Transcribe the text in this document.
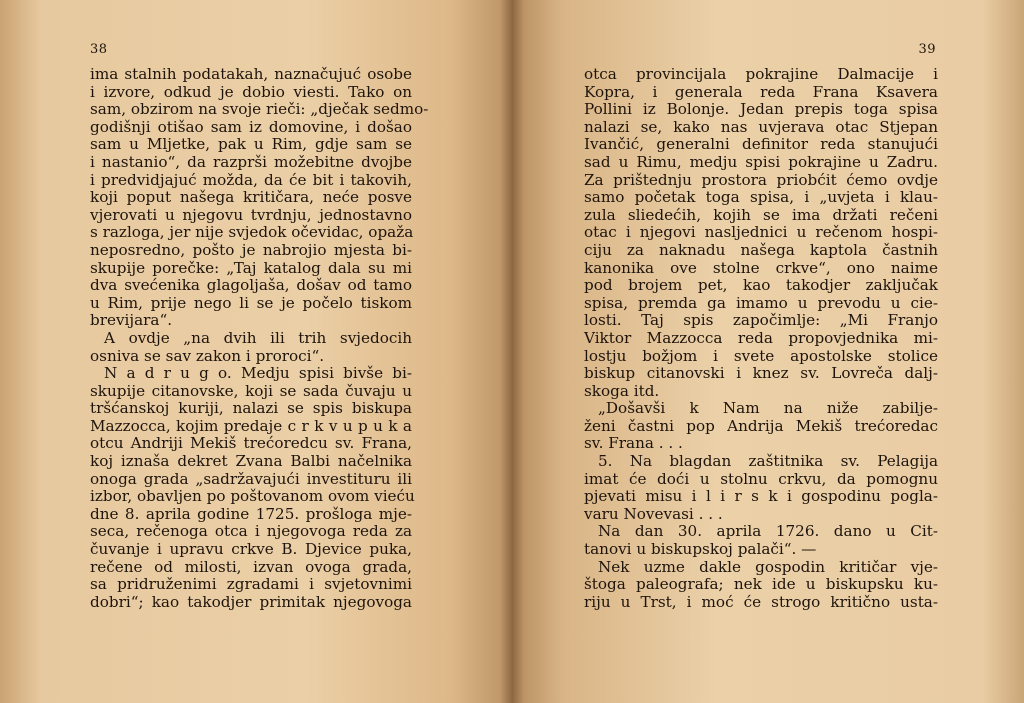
38
ima stalnih podatakah, naznačujuć osobe
i izvore, odkud je dobio viesti. Tako on
sam, obzirom na svoje rieči: „dječak sedmo-
godišnji otišao sam iz domovine, i došao
sam u Mljetke, pak u Rim, gdje sam se
i nastanio“, da razprši možebitne dvojbe
i predvidjajuć možda, da će bit i takovih,
koji poput našega kritičara, neće posve
vjerovati u njegovu tvrdnju, jednostavno
s razloga, jer nije svjedok očevidac, opaža
neposredno, pošto je nabrojio mjesta bi-
skupije porečke: „Taj katalog dala su mi
dva svećenika glagoljaša, došav od tamo
u Rim, prije nego li se je počelo tiskom
brevijara“.
A ovdje „na dvih ili trih svjedocih
osniva se sav zakon i proroci“.
N a d r u g o. Medju spisi bivše bi-
skupije citanovske, koji se sada čuvaju u
tršćanskoj kuriji, nalazi se spis biskupa
Mazzocca, kojim predaje c r k v u p u k a
otcu Andriji Mekiš trećoredcu sv. Frana,
koj iznaša dekret Zvana Balbi načelnika
onoga grada „sadržavajući investituru ili
izbor, obavljen po poštovanom ovom vieću
dne 8. aprila godine 1725. prošloga mje-
seca, rečenoga otca i njegovoga reda za
čuvanje i upravu crkve B. Djevice puka,
rečene od milosti, izvan ovoga grada,
sa pridruženimi zgradami i svjetovnimi
dobri“; kao takodjer primitak njegovoga
39
otca provincijala pokrajine Dalmacije i
Kopra, i generala reda Frana Ksavera
Pollini iz Bolonje. Jedan prepis toga spisa
nalazi se, kako nas uvjerava otac Stjepan
Ivančić, generalni definitor reda stanujući
sad u Rimu, medju spisi pokrajine u Zadru.
Za prištednju prostora priobćit ćemo ovdje
samo početak toga spisa, i „uvjeta i klau-
zula sliedećih, kojih se ima držati rečeni
otac i njegovi nasljednici u rečenom hospi-
ciju za naknadu našega kaptola častnih
kanonika ove stolne crkve“, ono naime
pod brojem pet, kao takodjer zaključak
spisa, premda ga imamo u prevodu u cie-
losti. Taj spis započimlje: „Mi Franjo
Viktor Mazzocca reda propovjednika mi-
lostju božjom i svete apostolske stolice
biskup citanovski i knez sv. Lovreča dalj-
skoga itd.
„Došavši k Nam na niže zabilje-
ženi častni pop Andrija Mekiš trećoredac
sv. Frana . . .
5. Na blagdan zaštitnika sv. Pelagija
imat će doći u stolnu crkvu, da pomognu
pjevati misu i l i r s k i gospodinu pogla-
varu Novevasi . . .
Na dan 30. aprila 1726. dano u Cit-
tanovi u biskupskoj palači“. —
Nek uzme dakle gospodin kritičar vje-
štoga paleografa; nek ide u biskupsku ku-
riju u Trst, i moć će strogo kritično usta-
